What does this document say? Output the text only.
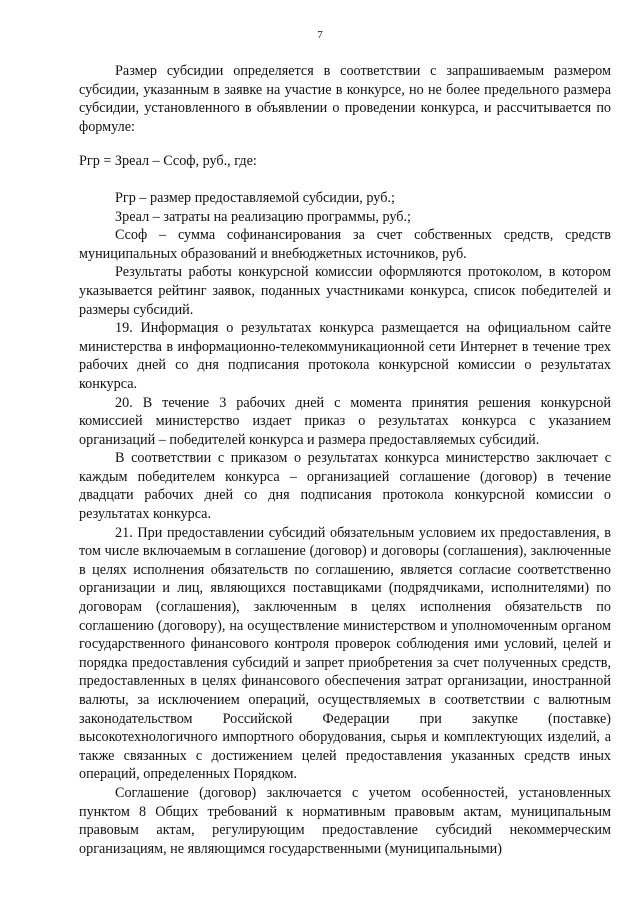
7

Размер субсидии определяется в соответствии с запрашиваемым размером субсидии, указанным в заявке на участие в конкурсе, но не более предельного размера субсидии, установленного в объявлении о проведении конкурса, и рассчитывается по формуле:

Ргр = Зреал – Ссоф, руб., где:

Ргр – размер предоставляемой субсидии, руб.;

Зреал – затраты на реализацию программы, руб.;

Ссоф – сумма софинансирования за счет собственных средств, средств муниципальных образований и внебюджетных источников, руб.

Результаты работы конкурсной комиссии оформляются протоколом, в котором указывается рейтинг заявок, поданных участниками конкурса, список победителей и размеры субсидий.

19. Информация о результатах конкурса размещается на официальном сайте министерства в информационно-телекоммуникационной сети Интернет в течение трех рабочих дней со дня подписания протокола конкурсной комиссии о результатах конкурса.

20. В течение 3 рабочих дней с момента принятия решения конкурсной комиссией министерство издает приказ о результатах конкурса с указанием организаций – победителей конкурса и размера предоставляемых субсидий.

В соответствии с приказом о результатах конкурса министерство заключает с каждым победителем конкурса – организацией соглашение (договор) в течение двадцати рабочих дней со дня подписания протокола конкурсной комиссии о результатах конкурса.

21. При предоставлении субсидий обязательным условием их предоставления, в том числе включаемым в соглашение (договор) и договоры (соглашения), заключенные в целях исполнения обязательств по соглашению, является согласие соответственно организации и лиц, являющихся поставщиками (подрядчиками, исполнителями) по договорам (соглашения), заключенным в целях исполнения обязательств по соглашению (договору), на осуществление министерством и уполномоченным органом государственного финансового контроля проверок соблюдения ими условий, целей и порядка предоставления субсидий и запрет приобретения за счет полученных средств, предоставленных в целях финансового обеспечения затрат организации, иностранной валюты, за исключением операций, осуществляемых в соответствии с валютным законодательством Российской Федерации при закупке (поставке) высокотехнологичного импортного оборудования, сырья и комплектующих изделий, а также связанных с достижением целей предоставления указанных средств иных операций, определенных Порядком.

Соглашение (договор) заключается с учетом особенностей, установленных пунктом 8 Общих требований к нормативным правовым актам, муниципальным правовым актам, регулирующим предоставление субсидий некоммерческим организациям, не являющимся государственными (муниципальными)
